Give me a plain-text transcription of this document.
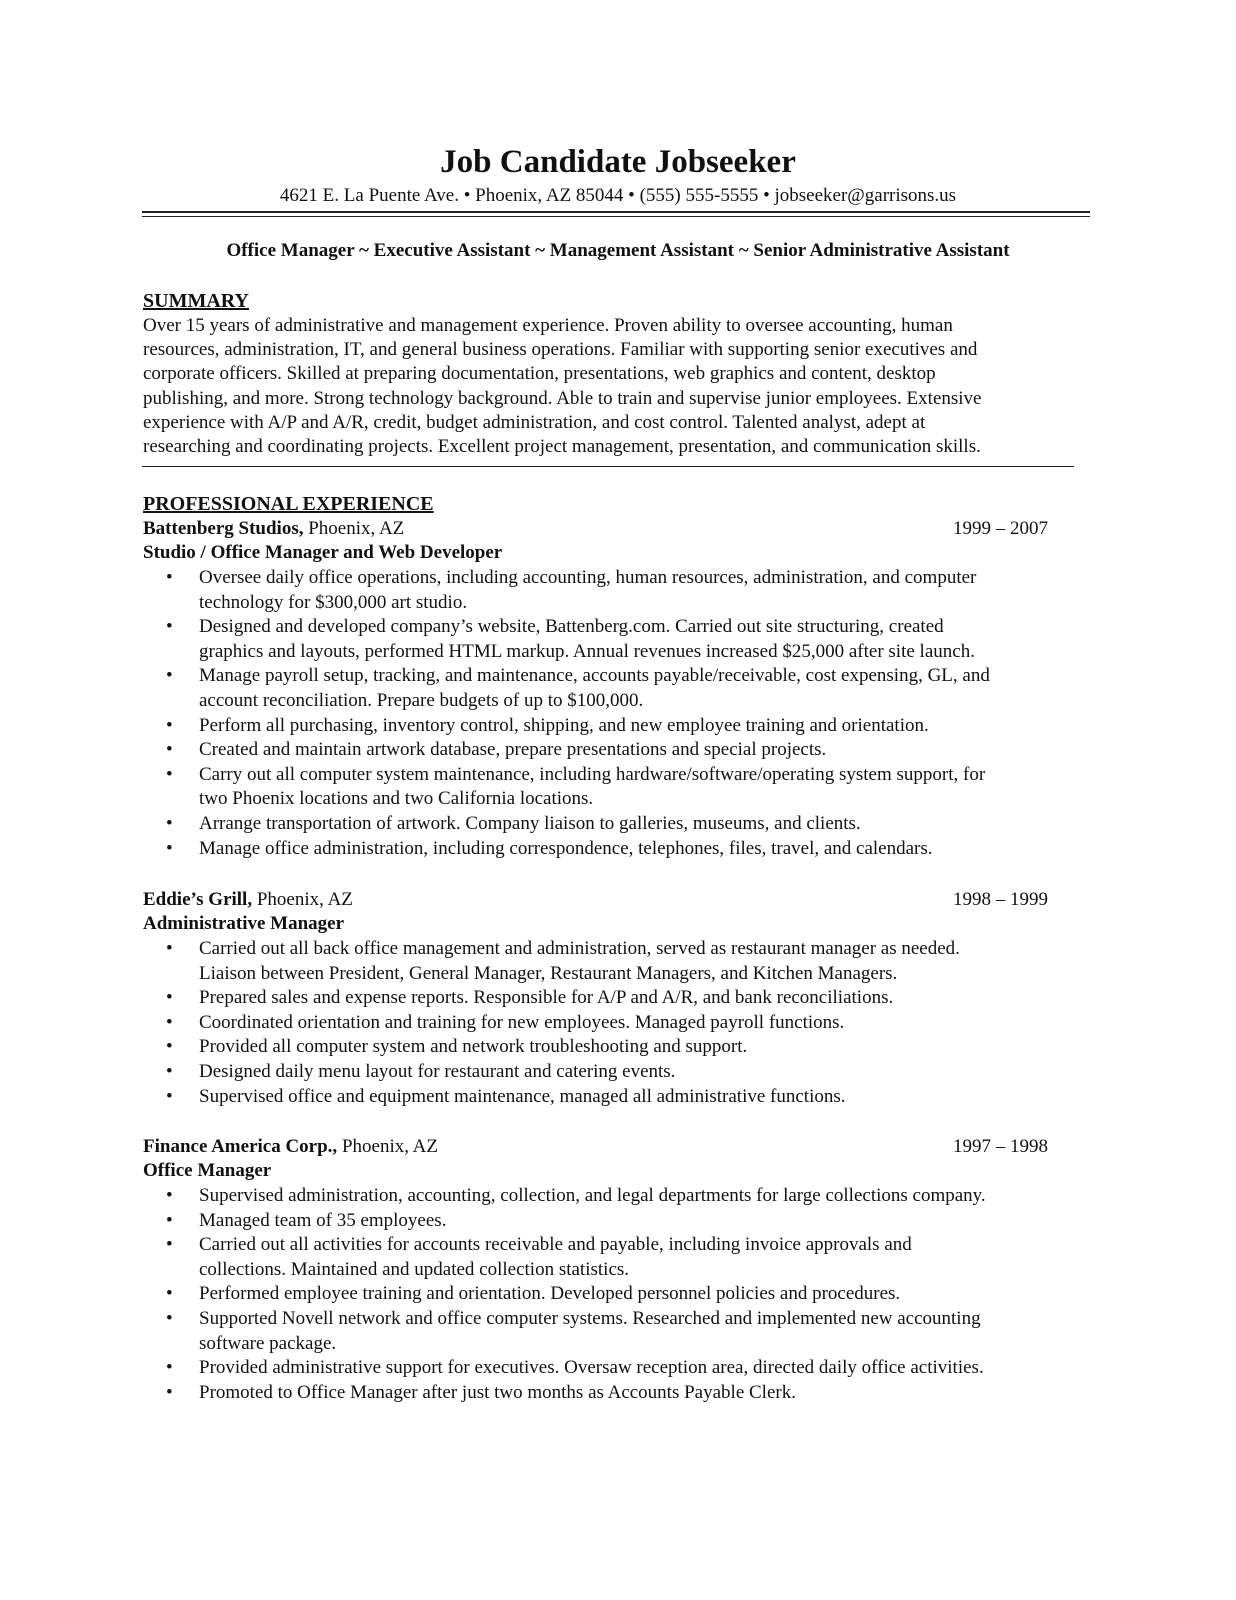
Job Candidate Jobseeker
4621 E. La Puente Ave. • Phoenix, AZ 85044 • (555) 555-5555 • jobseeker@garrisons.us
Office Manager ~ Executive Assistant ~ Management Assistant ~ Senior Administrative Assistant
SUMMARY
Over 15 years of administrative and management experience. Proven ability to oversee accounting, human
resources, administration, IT, and general business operations. Familiar with supporting senior executives and
corporate officers. Skilled at preparing documentation, presentations, web graphics and content, desktop
publishing, and more. Strong technology background. Able to train and supervise junior employees. Extensive
experience with A/P and A/R, credit, budget administration, and cost control. Talented analyst, adept at
researching and coordinating projects. Excellent project management, presentation, and communication skills.
PROFESSIONAL EXPERIENCE
Battenberg Studios, Phoenix, AZ	1999 – 2007
Studio / Office Manager and Web Developer
• Oversee daily office operations, including accounting, human resources, administration, and computer
technology for $300,000 art studio.
• Designed and developed company’s website, Battenberg.com. Carried out site structuring, created
graphics and layouts, performed HTML markup. Annual revenues increased $25,000 after site launch.
• Manage payroll setup, tracking, and maintenance, accounts payable/receivable, cost expensing, GL, and
account reconciliation. Prepare budgets of up to $100,000.
• Perform all purchasing, inventory control, shipping, and new employee training and orientation.
• Created and maintain artwork database, prepare presentations and special projects.
• Carry out all computer system maintenance, including hardware/software/operating system support, for
two Phoenix locations and two California locations.
• Arrange transportation of artwork. Company liaison to galleries, museums, and clients.
• Manage office administration, including correspondence, telephones, files, travel, and calendars.
Eddie’s Grill, Phoenix, AZ	1998 – 1999
Administrative Manager
• Carried out all back office management and administration, served as restaurant manager as needed.
Liaison between President, General Manager, Restaurant Managers, and Kitchen Managers.
• Prepared sales and expense reports. Responsible for A/P and A/R, and bank reconciliations.
• Coordinated orientation and training for new employees. Managed payroll functions.
• Provided all computer system and network troubleshooting and support.
• Designed daily menu layout for restaurant and catering events.
• Supervised office and equipment maintenance, managed all administrative functions.
Finance America Corp., Phoenix, AZ	1997 – 1998
Office Manager
• Supervised administration, accounting, collection, and legal departments for large collections company.
• Managed team of 35 employees.
• Carried out all activities for accounts receivable and payable, including invoice approvals and
collections. Maintained and updated collection statistics.
• Performed employee training and orientation. Developed personnel policies and procedures.
• Supported Novell network and office computer systems. Researched and implemented new accounting
software package.
• Provided administrative support for executives. Oversaw reception area, directed daily office activities.
• Promoted to Office Manager after just two months as Accounts Payable Clerk.
